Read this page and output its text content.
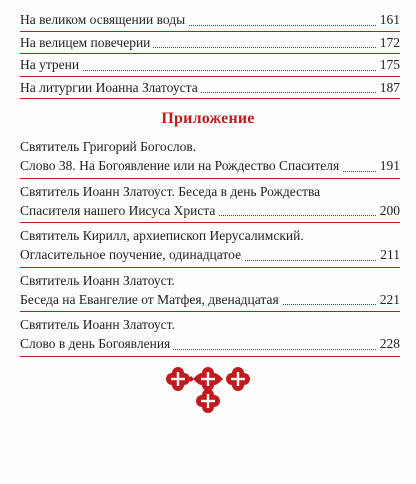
На великом освящении воды	161
На велицем повечерии	172
На утрени	175
На литургии Иоанна Златоуста	187
Приложение
Святитель Григорий Богослов.
Слово 38. На Богоявление или на Рождество Спасителя	191
Святитель Иоанн Златоуст. Беседа в день Рождества
Спасителя нашего Иисуса Христа	200
Святитель Кирилл, архиепископ Иерусалимский.
Огласительное поучение, одинадцатое	211
Святитель Иоанн Златоуст.
Беседа на Евангелие от Матфея, двенадцатая	221
Святитель Иоанн Златоуст.
Слово в день Богоявления	228
